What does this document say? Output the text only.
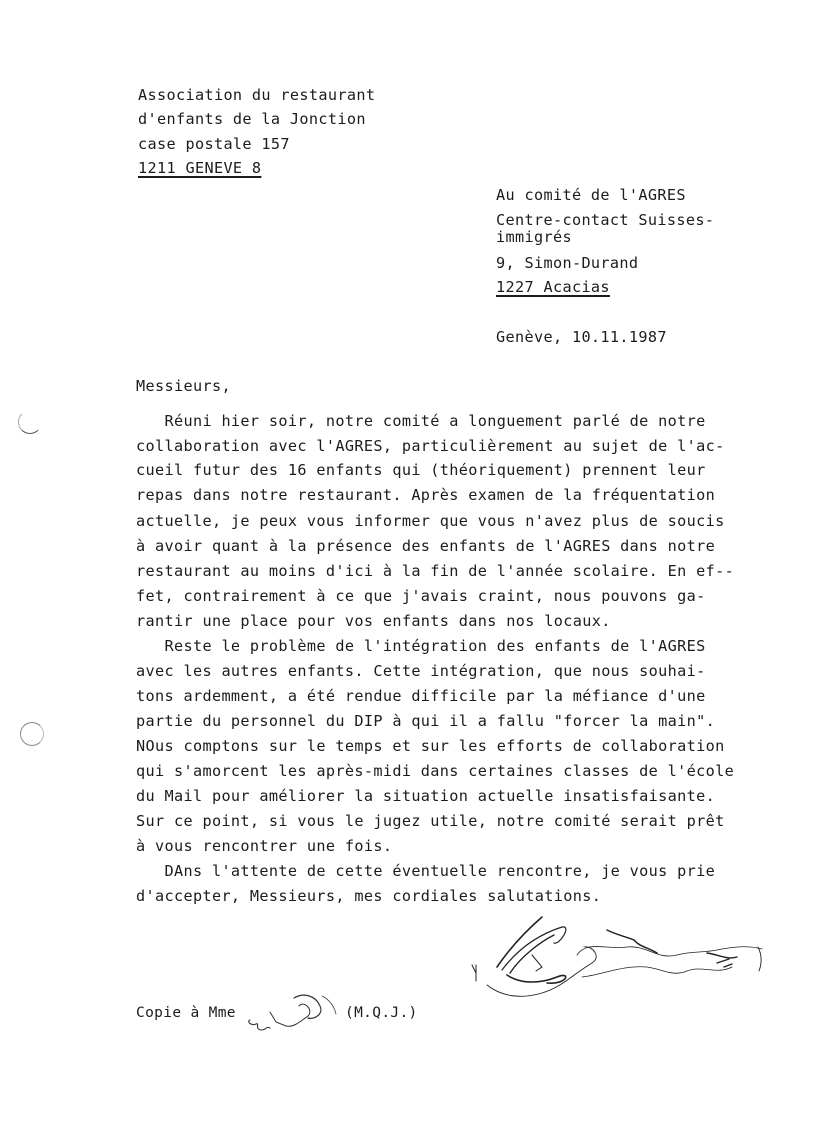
Association du restaurant
d'enfants de la Jonction
case postale 157
1211 GENEVE 8
Au comité de l'AGRES
Centre-contact Suisses-
immigrés
9, Simon-Durand
1227 Acacias
Genève, 10.11.1987
Messieurs,
Réuni hier soir, notre comité a longuement parlé de notre
collaboration avec l'AGRES, particulièrement au sujet de l'ac-
cueil futur des 16 enfants qui (théoriquement) prennent leur
repas dans notre restaurant. Après examen de la fréquentation
actuelle, je peux vous informer que vous n'avez plus de soucis
à avoir quant à la présence des enfants de l'AGRES dans notre
restaurant au moins d'ici à la fin de l'année scolaire. En ef--
fet, contrairement à ce que j'avais craint, nous pouvons ga-
rantir une place pour vos enfants dans nos locaux.
Reste le problème de l'intégration des enfants de l'AGRES
avec les autres enfants. Cette intégration, que nous souhai-
tons ardemment, a été rendue difficile par la méfiance d'une
partie du personnel du DIP à qui il a fallu "forcer la main".
NOus comptons sur le temps et sur les efforts de collaboration
qui s'amorcent les après-midi dans certaines classes de l'école
du Mail pour améliorer la situation actuelle insatisfaisante.
Sur ce point, si vous le jugez utile, notre comité serait prêt
à vous rencontrer une fois.
DAns l'attente de cette éventuelle rencontre, je vous prie
d'accepter, Messieurs, mes cordiales salutations.
Copie à Mme	(M.Q.J.)
